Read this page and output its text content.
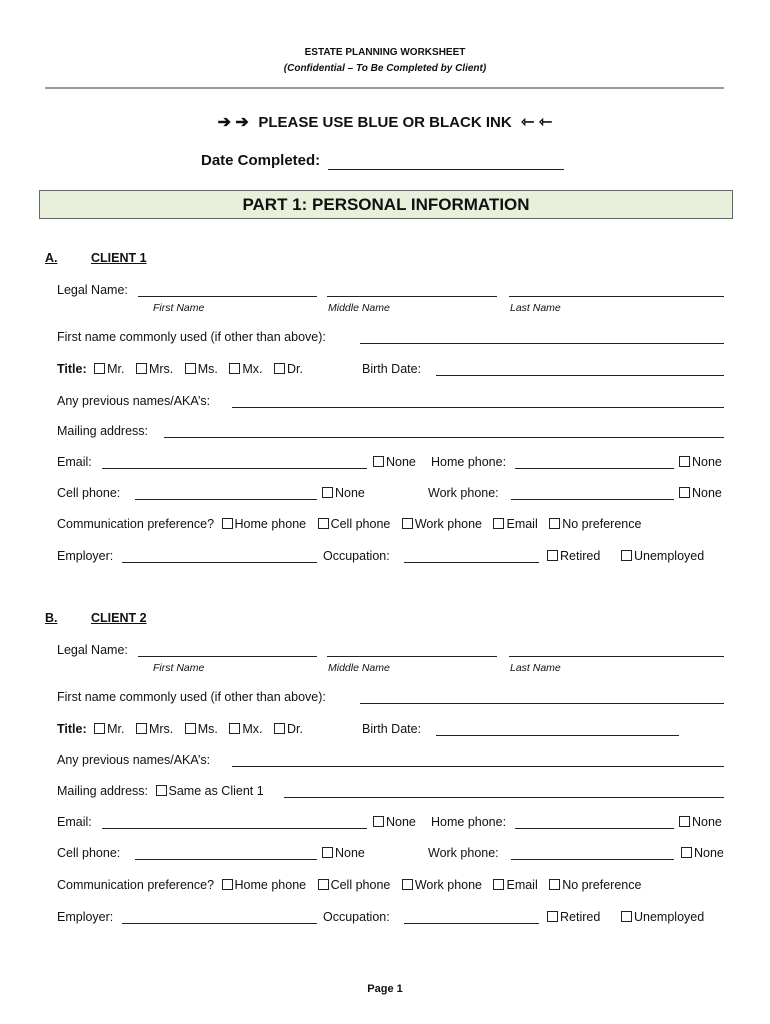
ESTATE PLANNING WORKSHEET
(Confidential – To Be Completed by Client)
➔ ➔ PLEASE USE BLUE OR BLACK INK ⇽ ⇽
Date Completed:
PART 1: PERSONAL INFORMATION
A.	CLIENT 1
Legal Name:
First Name	Middle Name	Last Name
First name commonly used (if other than above):
Title: Mr. Mrs. Ms. Mx. Dr.	Birth Date:
Any previous names/AKA’s:
Mailing address:
Email:	None Home phone:	None
Cell phone:	None	Work phone:	None
Communication preference? Home phone Cell phone Work phone Email No preference
Employer:	Occupation:	Retired	Unemployed
B.	CLIENT 2
Legal Name:
First Name	Middle Name	Last Name
First name commonly used (if other than above):
Title: Mr. Mrs. Ms. Mx. Dr.	Birth Date:
Any previous names/AKA’s:
Mailing address: Same as Client 1
Email:	None Home phone:	None
Cell phone:	None	Work phone:	None
Communication preference? Home phone Cell phone Work phone Email No preference
Employer:	Occupation:	Retired	Unemployed
Page 1
